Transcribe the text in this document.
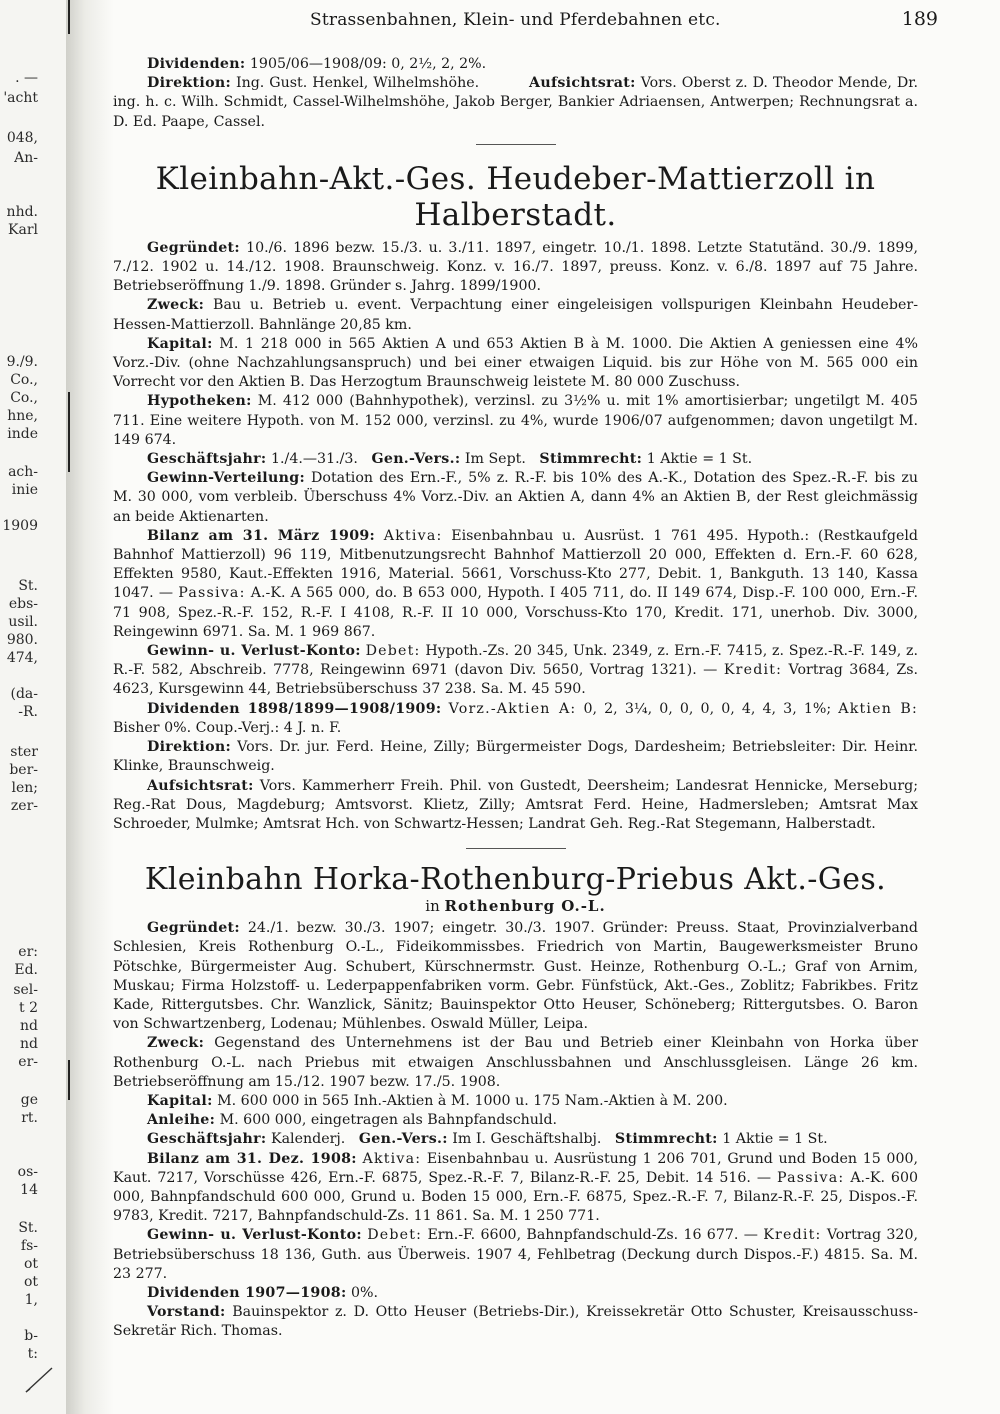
. —
'acht
048,
An-
nhd.
Karl
9./9.
Co.,
Co.,
hne,
inde
ach-
inie
1909
St.
ebs-
usil.
980.
474,
(da-
-R.
ster
ber-
len;
zer-
er:
Ed.
sel-
t 2
nd
nd
er-
ge
rt.
os-
14
St.
fs-
ot
ot
1,
b-
t:
Strassenbahnen, Klein- und Pferdebahnen etc.	189

Dividenden: 1905/06—1908/09: 0, 2½, 2, 2%.

Direktion: Ing. Gust. Henkel, Wilhelmshöhe.	Aufsichtsrat: Vors. Oberst z. D. Theodor Mende, Dr. ing. h. c. Wilh. Schmidt, Cassel-Wilhelmshöhe, Jakob Berger, Bankier Adriaensen, Antwerpen; Rechnungsrat a. D. Ed. Paape, Cassel.

Kleinbahn-Akt.-Ges. Heudeber-Mattierzoll in Halberstadt.

Gegründet: 10./6. 1896 bezw. 15./3. u. 3./11. 1897, eingetr. 10./1. 1898. Letzte Statutänd. 30./9. 1899, 7./12. 1902 u. 14./12. 1908. Braunschweig. Konz. v. 16./7. 1897, preuss. Konz. v. 6./8. 1897 auf 75 Jahre. Betriebseröffnung 1./9. 1898. Gründer s. Jahrg. 1899/1900.

Zweck: Bau u. Betrieb u. event. Verpachtung einer eingeleisigen vollspurigen Kleinbahn Heudeber-Hessen-Mattierzoll. Bahnlänge 20,85 km.

Kapital: M. 1 218 000 in 565 Aktien A und 653 Aktien B à M. 1000. Die Aktien A geniessen eine 4% Vorz.-Div. (ohne Nachzahlungsanspruch) und bei einer etwaigen Liquid. bis zur Höhe von M. 565 000 ein Vorrecht vor den Aktien B. Das Herzogtum Braunschweig leistete M. 80 000 Zuschuss.

Hypotheken: M. 412 000 (Bahnhypothek), verzinsl. zu 3½% u. mit 1% amortisierbar; ungetilgt M. 405 711. Eine weitere Hypoth. von M. 152 000, verzinsl. zu 4%, wurde 1906/07 aufgenommen; davon ungetilgt M. 149 674.

Geschäftsjahr: 1./4.—31./3. Gen.-Vers.: Im Sept. Stimmrecht: 1 Aktie = 1 St.

Gewinn-Verteilung: Dotation des Ern.-F., 5% z. R.-F. bis 10% des A.-K., Dotation des Spez.-R.-F. bis zu M. 30 000, vom verbleib. Überschuss 4% Vorz.-Div. an Aktien A, dann 4% an Aktien B, der Rest gleichmässig an beide Aktienarten.

Bilanz am 31. März 1909: Aktiva: Eisenbahnbau u. Ausrüst. 1 761 495. Hypoth.: (Restkaufgeld Bahnhof Mattierzoll) 96 119, Mitbenutzungsrecht Bahnhof Mattierzoll 20 000, Effekten d. Ern.-F. 60 628, Effekten 9580, Kaut.-Effekten 1916, Material. 5661, Vorschuss-Kto 277, Debit. 1, Bankguth. 13 140, Kassa 1047. — Passiva: A.-K. A 565 000, do. B 653 000, Hypoth. I 405 711, do. II 149 674, Disp.-F. 100 000, Ern.-F. 71 908, Spez.-R.-F. 152, R.-F. I 4108, R.-F. II 10 000, Vorschuss-Kto 170, Kredit. 171, unerhob. Div. 3000, Reingewinn 6971. Sa. M. 1 969 867.

Gewinn- u. Verlust-Konto: Debet: Hypoth.-Zs. 20 345, Unk. 2349, z. Ern.-F. 7415, z. Spez.-R.-F. 149, z. R.-F. 582, Abschreib. 7778, Reingewinn 6971 (davon Div. 5650, Vortrag 1321). — Kredit: Vortrag 3684, Zs. 4623, Kursgewinn 44, Betriebsüberschuss 37 238. Sa. M. 45 590.

Dividenden 1898/1899—1908/1909: Vorz.-Aktien A: 0, 2, 3¼, 0, 0, 0, 0, 4, 4, 3, 1%; Aktien B: Bisher 0%. Coup.-Verj.: 4 J. n. F.

Direktion: Vors. Dr. jur. Ferd. Heine, Zilly; Bürgermeister Dogs, Dardesheim; Betriebsleiter: Dir. Heinr. Klinke, Braunschweig.

Aufsichtsrat: Vors. Kammerherr Freih. Phil. von Gustedt, Deersheim; Landesrat Hennicke, Merseburg; Reg.-Rat Dous, Magdeburg; Amtsvorst. Klietz, Zilly; Amtsrat Ferd. Heine, Hadmersleben; Amtsrat Max Schroeder, Mulmke; Amtsrat Hch. von Schwartz-Hessen; Landrat Geh. Reg.-Rat Stegemann, Halberstadt.

Kleinbahn Horka-Rothenburg-Priebus Akt.-Ges.
in Rothenburg O.-L.

Gegründet: 24./1. bezw. 30./3. 1907; eingetr. 30./3. 1907. Gründer: Preuss. Staat, Provinzialverband Schlesien, Kreis Rothenburg O.-L., Fideikommissbes. Friedrich von Martin, Baugewerksmeister Bruno Pötschke, Bürgermeister Aug. Schubert, Kürschnermstr. Gust. Heinze, Rothenburg O.-L.; Graf von Arnim, Muskau; Firma Holzstoff- u. Lederpappenfabriken vorm. Gebr. Fünfstück, Akt.-Ges., Zoblitz; Fabrikbes. Fritz Kade, Rittergutsbes. Chr. Wanzlick, Sänitz; Bauinspektor Otto Heuser, Schöneberg; Rittergutsbes. O. Baron von Schwartzenberg, Lodenau; Mühlenbes. Oswald Müller, Leipa.

Zweck: Gegenstand des Unternehmens ist der Bau und Betrieb einer Kleinbahn von Horka über Rothenburg O.-L. nach Priebus mit etwaigen Anschlussbahnen und Anschlussgleisen. Länge 26 km. Betriebseröffnung am 15./12. 1907 bezw. 17./5. 1908.

Kapital: M. 600 000 in 565 Inh.-Aktien à M. 1000 u. 175 Nam.-Aktien à M. 200.

Anleihe: M. 600 000, eingetragen als Bahnpfandschuld.

Geschäftsjahr: Kalenderj. Gen.-Vers.: Im I. Geschäftshalbj. Stimmrecht: 1 Aktie = 1 St.

Bilanz am 31. Dez. 1908: Aktiva: Eisenbahnbau u. Ausrüstung 1 206 701, Grund und Boden 15 000, Kaut. 7217, Vorschüsse 426, Ern.-F. 6875, Spez.-R.-F. 7, Bilanz-R.-F. 25, Debit. 14 516. — Passiva: A.-K. 600 000, Bahnpfandschuld 600 000, Grund u. Boden 15 000, Ern.-F. 6875, Spez.-R.-F. 7, Bilanz-R.-F. 25, Dispos.-F. 9783, Kredit. 7217, Bahnpfandschuld-Zs. 11 861. Sa. M. 1 250 771.

Gewinn- u. Verlust-Konto: Debet: Ern.-F. 6600, Bahnpfandschuld-Zs. 16 677. — Kredit: Vortrag 320, Betriebsüberschuss 18 136, Guth. aus Überweis. 1907 4, Fehlbetrag (Deckung durch Dispos.-F.) 4815. Sa. M. 23 277.

Dividenden 1907—1908: 0%.

Vorstand: Bauinspektor z. D. Otto Heuser (Betriebs-Dir.), Kreissekretär Otto Schuster, Kreisausschuss-Sekretär Rich. Thomas.
